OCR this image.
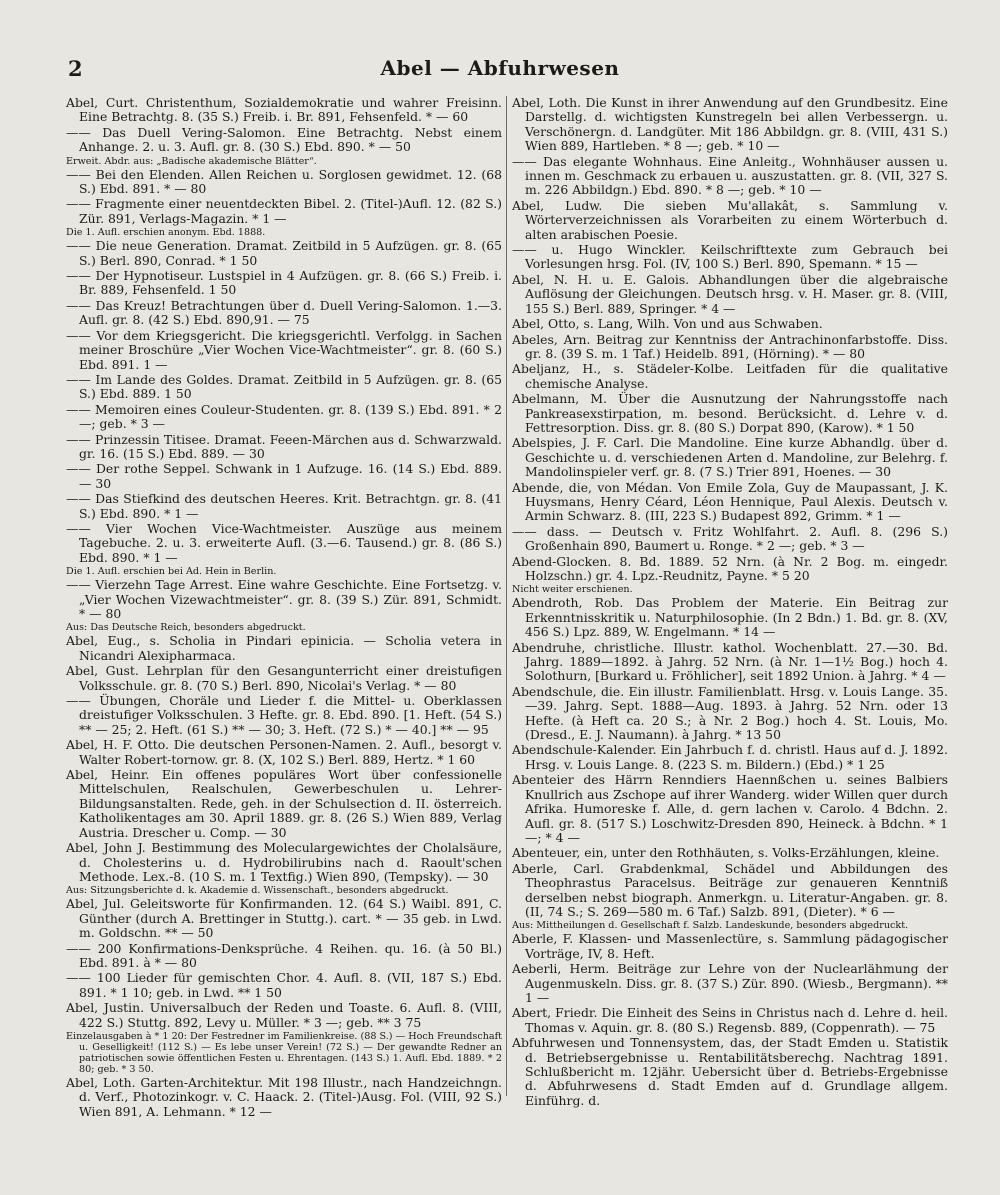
2	Abel — Abfuhrwesen
Abel, Curt. Christenthum, Sozialdemokratie und wahrer Freisinn. Eine Betrachtg. 8. (35 S.) Freib. i. Br. 891, Fehsenfeld. * — 60
—— Das Duell Vering-Salomon. Eine Betrachtg. Nebst einem Anhange. 2. u. 3. Aufl. gr. 8. (30 S.) Ebd. 890. * — 50
Erweit. Abdr. aus: „Badische akademische Blätter“.
—— Bei den Elenden. Allen Reichen u. Sorglosen gewidmet. 12. (68 S.) Ebd. 891. * — 80
—— Fragmente einer neuentdeckten Bibel. 2. (Titel-)Aufl. 12. (82 S.) Zür. 891, Verlags-Magazin. * 1 —
Die 1. Aufl. erschien anonym. Ebd. 1888.
—— Die neue Generation. Dramat. Zeitbild in 5 Aufzügen. gr. 8. (65 S.) Berl. 890, Conrad. * 1 50
—— Der Hypnotiseur. Lustspiel in 4 Aufzügen. gr. 8. (66 S.) Freib. i. Br. 889, Fehsenfeld. 1 50
—— Das Kreuz! Betrachtungen über d. Duell Vering-Salomon. 1.—3. Aufl. gr. 8. (42 S.) Ebd. 890,91. — 75
—— Vor dem Kriegsgericht. Die kriegsgerichtl. Verfolgg. in Sachen meiner Broschüre „Vier Wochen Vice-Wachtmeister“. gr. 8. (60 S.) Ebd. 891. 1 —
—— Im Lande des Goldes. Dramat. Zeitbild in 5 Aufzügen. gr. 8. (65 S.) Ebd. 889. 1 50
—— Memoiren eines Couleur-Studenten. gr. 8. (139 S.) Ebd. 891. * 2 —; geb. * 3 —
—— Prinzessin Titisee. Dramat. Feeen-Märchen aus d. Schwarzwald. gr. 16. (15 S.) Ebd. 889. — 30
—— Der rothe Seppel. Schwank in 1 Aufzuge. 16. (14 S.) Ebd. 889. — 30
—— Das Stiefkind des deutschen Heeres. Krit. Betrachtgn. gr. 8. (41 S.) Ebd. 890. * 1 —
—— Vier Wochen Vice-Wachtmeister. Auszüge aus meinem Tagebuche. 2. u. 3. erweiterte Aufl. (3.—6. Tausend.) gr. 8. (86 S.) Ebd. 890. * 1 —
Die 1. Aufl. erschien bei Ad. Hein in Berlin.
—— Vierzehn Tage Arrest. Eine wahre Geschichte. Eine Fortsetzg. v. „Vier Wochen Vizewachtmeister“. gr. 8. (39 S.) Zür. 891, Schmidt. * — 80
Aus: Das Deutsche Reich, besonders abgedruckt.
Abel, Eug., s. Scholia in Pindari epinicia. — Scholia vetera in Nicandri Alexipharmaca.
Abel, Gust. Lehrplan für den Gesangunterricht einer dreistufigen Volksschule. gr. 8. (70 S.) Berl. 890, Nicolai's Verlag. * — 80
—— Übungen, Choräle und Lieder f. die Mittel- u. Oberklassen dreistufiger Volksschulen. 3 Hefte. gr. 8. Ebd. 890. [1. Heft. (54 S.) ** — 25; 2. Heft. (61 S.) ** — 30; 3. Heft. (72 S.) * — 40.] ** — 95
Abel, H. F. Otto. Die deutschen Personen-Namen. 2. Aufl., besorgt v. Walter Robert-tornow. gr. 8. (X, 102 S.) Berl. 889, Hertz. * 1 60
Abel, Heinr. Ein offenes populäres Wort über confessionelle Mittelschulen, Realschulen, Gewerbeschulen u. Lehrer-Bildungsanstalten. Rede, geh. in der Schulsection d. II. österreich. Katholikentages am 30. April 1889. gr. 8. (26 S.) Wien 889, Verlag Austria. Drescher u. Comp. — 30
Abel, John J. Bestimmung des Moleculargewichtes der Cholalsäure, d. Cholesterins u. d. Hydrobilirubins nach d. Raoult'schen Methode. Lex.-8. (10 S. m. 1 Textfig.) Wien 890, (Tempsky). — 30
Aus: Sitzungsberichte d. k. Akademie d. Wissenschaft., besonders abgedruckt.
Abel, Jul. Geleitsworte für Konfirmanden. 12. (64 S.) Waibl. 891, C. Günther (durch A. Brettinger in Stuttg.). cart. * — 35 geb. in Lwd. m. Goldschn. ** — 50
—— 200 Konfirmations-Denksprüche. 4 Reihen. qu. 16. (à 50 Bl.) Ebd. 891. à * — 80
—— 100 Lieder für gemischten Chor. 4. Aufl. 8. (VII, 187 S.) Ebd. 891. * 1 10; geb. in Lwd. ** 1 50
Abel, Justin. Universalbuch der Reden und Toaste. 6. Aufl. 8. (VIII, 422 S.) Stuttg. 892, Levy u. Müller. * 3 —; geb. ** 3 75
Einzelausgaben à * 1 20: Der Festredner im Familienkreise. (88 S.) — Hoch Freundschaft u. Geselligkeit! (112 S.) — Es lebe unser Verein! (72 S.) — Der gewandte Redner an patriotischen sowie öffentlichen Festen u. Ehrentagen. (143 S.) 1. Aufl. Ebd. 1889. * 2 80; geb. * 3 50.
Abel, Loth. Garten-Architektur. Mit 198 Illustr., nach Handzeichngn. d. Verf., Photozinkogr. v. C. Haack. 2. (Titel-)Ausg. Fol. (VIII, 92 S.) Wien 891, A. Lehmann. * 12 —
Abel, Loth. Die Kunst in ihrer Anwendung auf den Grundbesitz. Eine Darstellg. d. wichtigsten Kunstregeln bei allen Verbessergn. u. Verschönergn. d. Landgüter. Mit 186 Abbildgn. gr. 8. (VIII, 431 S.) Wien 889, Hartleben. * 8 —; geb. * 10 —
—— Das elegante Wohnhaus. Eine Anleitg., Wohnhäuser aussen u. innen m. Geschmack zu erbauen u. auszustatten. gr. 8. (VII, 327 S. m. 226 Abbildgn.) Ebd. 890. * 8 —; geb. * 10 —
Abel, Ludw. Die sieben Mu'allakât, s. Sammlung v. Wörterverzeichnissen als Vorarbeiten zu einem Wörterbuch d. alten arabischen Poesie.
—— u. Hugo Winckler. Keilschrifttexte zum Gebrauch bei Vorlesungen hrsg. Fol. (IV, 100 S.) Berl. 890, Spemann. * 15 —
Abel, N. H. u. E. Galois. Abhandlungen über die algebraische Auflösung der Gleichungen. Deutsch hrsg. v. H. Maser. gr. 8. (VIII, 155 S.) Berl. 889, Springer. * 4 —
Abel, Otto, s. Lang, Wilh. Von und aus Schwaben.
Abeles, Arn. Beitrag zur Kenntniss der Antrachinonfarbstoffe. Diss. gr. 8. (39 S. m. 1 Taf.) Heidelb. 891, (Hörning). * — 80
Abeljanz, H., s. Städeler-Kolbe. Leitfaden für die qualitative chemische Analyse.
Abelmann, M. Über die Ausnutzung der Nahrungsstoffe nach Pankreasexstirpation, m. besond. Berücksicht. d. Lehre v. d. Fettresorption. Diss. gr. 8. (80 S.) Dorpat 890, (Karow). * 1 50
Abelspies, J. F. Carl. Die Mandoline. Eine kurze Abhandlg. über d. Geschichte u. d. verschiedenen Arten d. Mandoline, zur Belehrg. f. Mandolinspieler verf. gr. 8. (7 S.) Trier 891, Hoenes. — 30
Abende, die, von Médan. Von Emile Zola, Guy de Maupassant, J. K. Huysmans, Henry Céard, Léon Hennique, Paul Alexis. Deutsch v. Armin Schwarz. 8. (III, 223 S.) Budapest 892, Grimm. * 1 —
—— dass. — Deutsch v. Fritz Wohlfahrt. 2. Aufl. 8. (296 S.) Großenhain 890, Baumert u. Ronge. * 2 —; geb. * 3 —
Abend-Glocken. 8. Bd. 1889. 52 Nrn. (à Nr. 2 Bog. m. eingedr. Holzschn.) gr. 4. Lpz.-Reudnitz, Payne. * 5 20
Nicht weiter erschienen.
Abendroth, Rob. Das Problem der Materie. Ein Beitrag zur Erkenntnisskritik u. Naturphilosophie. (In 2 Bdn.) 1. Bd. gr. 8. (XV, 456 S.) Lpz. 889, W. Engelmann. * 14 —
Abendruhe, christliche. Illustr. kathol. Wochenblatt. 27.—30. Bd. Jahrg. 1889—1892. à Jahrg. 52 Nrn. (à Nr. 1—1½ Bog.) hoch 4. Solothurn, [Burkard u. Fröhlicher], seit 1892 Union. à Jahrg. * 4 —
Abendschule, die. Ein illustr. Familienblatt. Hrsg. v. Louis Lange. 35.—39. Jahrg. Sept. 1888—Aug. 1893. à Jahrg. 52 Nrn. oder 13 Hefte. (à Heft ca. 20 S.; à Nr. 2 Bog.) hoch 4. St. Louis, Mo. (Dresd., E. J. Naumann). à Jahrg. * 13 50
Abendschule-Kalender. Ein Jahrbuch f. d. christl. Haus auf d. J. 1892. Hrsg. v. Louis Lange. 8. (223 S. m. Bildern.) (Ebd.) * 1 25
Abenteier des Härrn Renndiers Haennßchen u. seines Balbiers Knullrich aus Zschope auf ihrer Wanderg. wider Willen quer durch Afrika. Humoreske f. Alle, d. gern lachen v. Carolo. 4 Bdchn. 2. Aufl. gr. 8. (517 S.) Loschwitz-Dresden 890, Heineck. à Bdchn. * 1 —; * 4 —
Abenteuer, ein, unter den Rothhäuten, s. Volks-Erzählungen, kleine.
Aberle, Carl. Grabdenkmal, Schädel und Abbildungen des Theophrastus Paracelsus. Beiträge zur genaueren Kenntniß derselben nebst biograph. Anmerkgn. u. Literatur-Angaben. gr. 8. (II, 74 S.; S. 269—580 m. 6 Taf.) Salzb. 891, (Dieter). * 6 —
Aus: Mittheilungen d. Gesellschaft f. Salzb. Landeskunde, besonders abgedruckt.
Aberle, F. Klassen- und Massenlectüre, s. Sammlung pädagogischer Vorträge, IV, 8. Heft.
Aeberli, Herm. Beiträge zur Lehre von der Nuclearlähmung der Augenmuskeln. Diss. gr. 8. (37 S.) Zür. 890. (Wiesb., Bergmann). ** 1 —
Abert, Friedr. Die Einheit des Seins in Christus nach d. Lehre d. heil. Thomas v. Aquin. gr. 8. (80 S.) Regensb. 889, (Coppenrath). — 75
Abfuhrwesen und Tonnensystem, das, der Stadt Emden u. Statistik d. Betriebsergebnisse u. Rentabilitätsberechg. Nachtrag 1891. Schlußbericht m. 12jähr. Uebersicht über d. Betriebs-Ergebnisse d. Abfuhrwesens d. Stadt Emden auf d. Grundlage allgem. Einführg. d.
